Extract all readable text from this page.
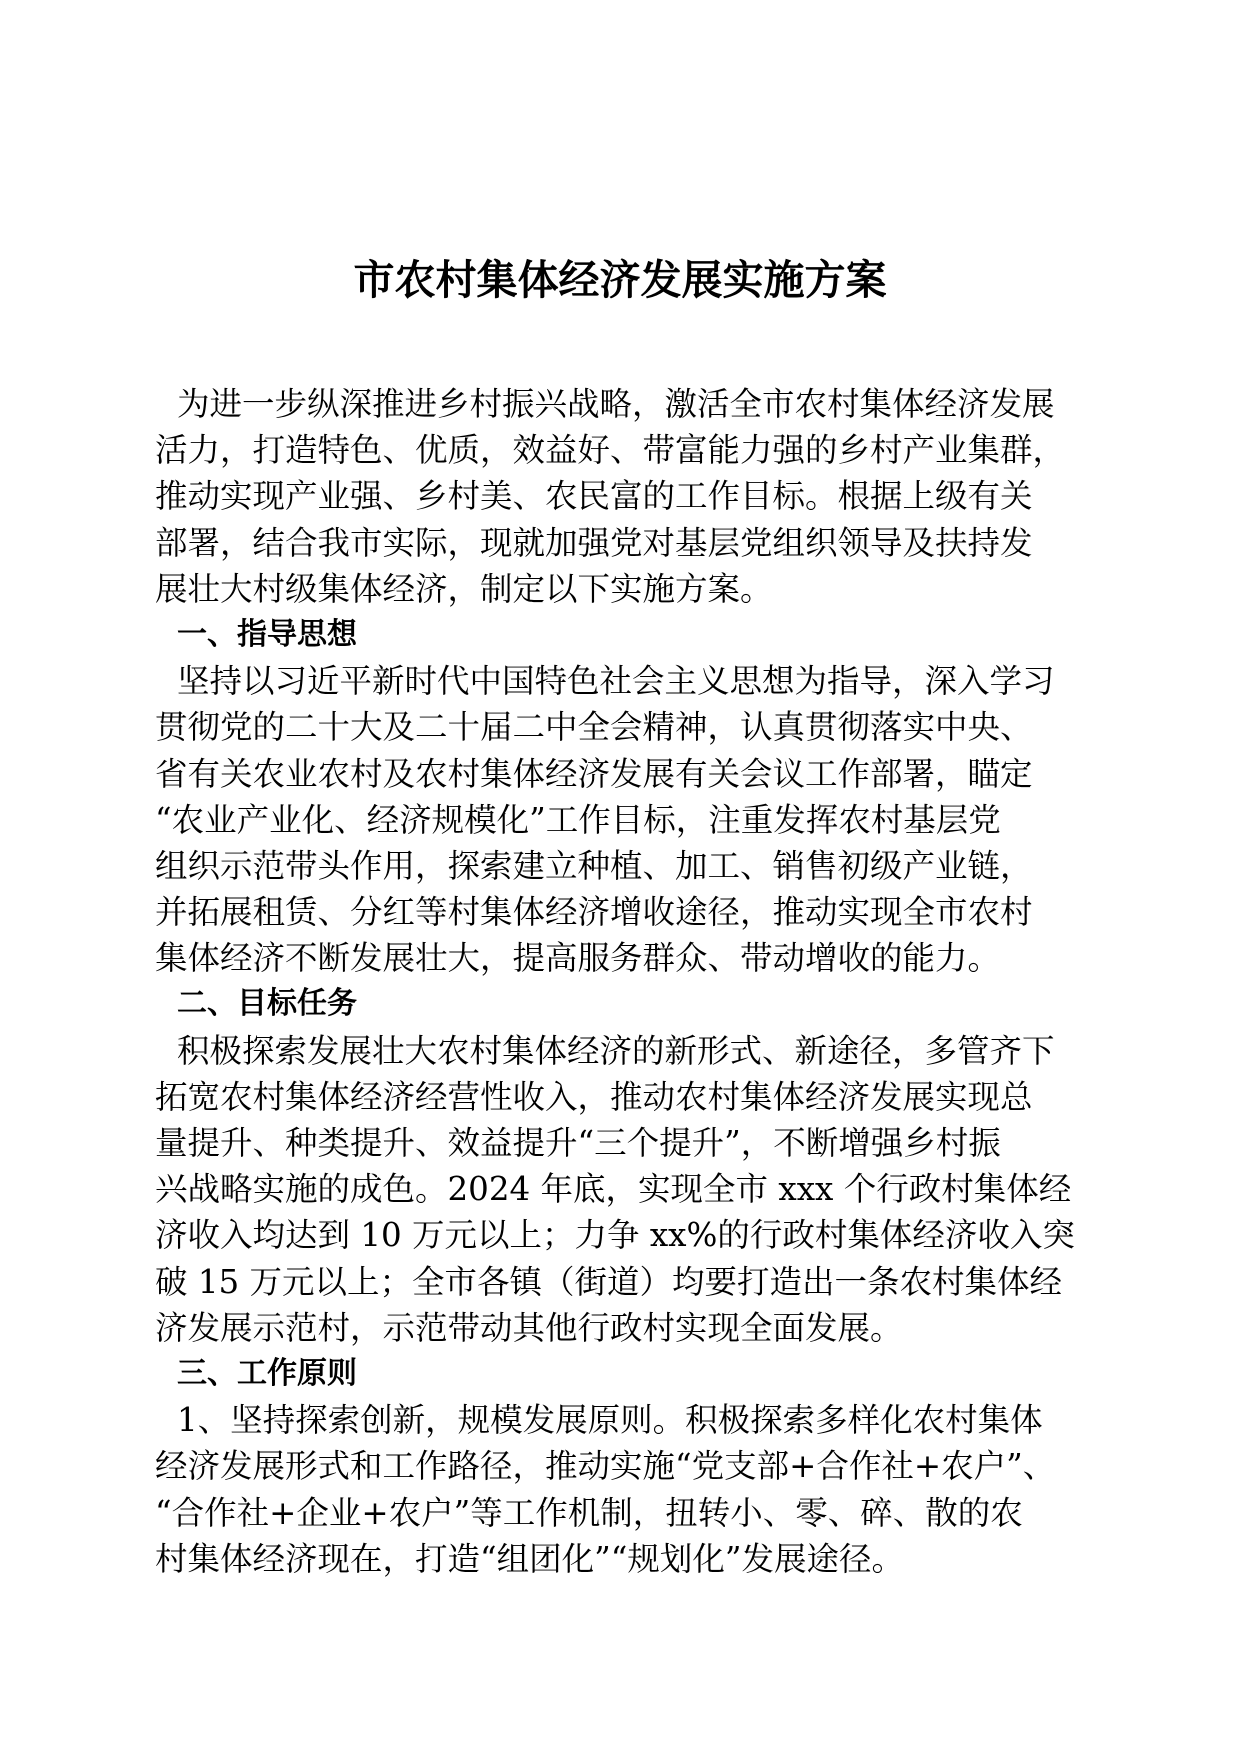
市农村集体经济发展实施方案
为进一步纵深推进乡村振兴战略，激活全市农村集体经济发展
活力，打造特色、优质，效益好、带富能力强的乡村产业集群，
推动实现产业强、乡村美、农民富的工作目标。根据上级有关
部署，结合我市实际，现就加强党对基层党组织领导及扶持发
展壮大村级集体经济，制定以下实施方案。
一、指导思想
坚持以习近平新时代中国特色社会主义思想为指导，深入学习
贯彻党的二十大及二十届二中全会精神，认真贯彻落实中央、
省有关农业农村及农村集体经济发展有关会议工作部署，瞄定
“农业产业化、经济规模化”工作目标，注重发挥农村基层党
组织示范带头作用，探索建立种植、加工、销售初级产业链，
并拓展租赁、分红等村集体经济增收途径，推动实现全市农村
集体经济不断发展壮大，提高服务群众、带动增收的能力。
二、目标任务
积极探索发展壮大农村集体经济的新形式、新途径，多管齐下
拓宽农村集体经济经营性收入，推动农村集体经济发展实现总
量提升、种类提升、效益提升“三个提升”，不断增强乡村振
兴战略实施的成色。2024 年底，实现全市 xxx 个行政村集体经
济收入均达到 10 万元以上；力争 xx%的行政村集体经济收入突
破 15 万元以上；全市各镇（街道）均要打造出一条农村集体经
济发展示范村，示范带动其他行政村实现全面发展。
三、工作原则
1、坚持探索创新，规模发展原则。积极探索多样化农村集体
经济发展形式和工作路径，推动实施“党支部+合作社+农户”、
“合作社+企业+农户”等工作机制，扭转小、零、碎、散的农
村集体经济现在，打造“组团化”“规划化”发展途径。
